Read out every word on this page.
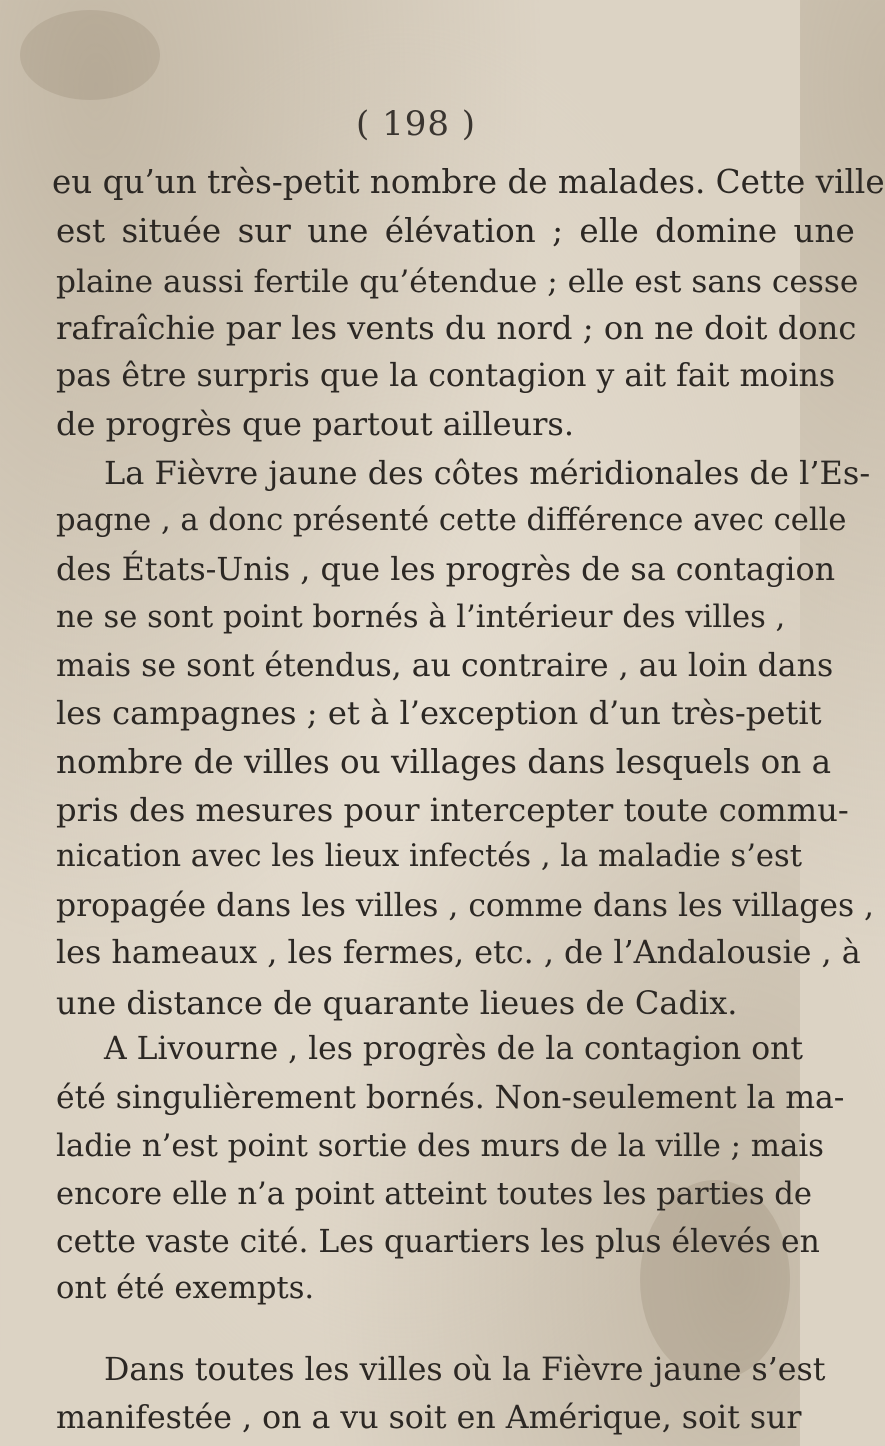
( 198 )
eu qu’un très-petit nombre de malades. Cette ville
est située sur une élévation ; elle domine une
plaine aussi fertile qu’étendue ; elle est sans cesse
rafraîchie par les vents du nord ; on ne doit donc
pas être surpris que la contagion y ait fait moins
de progrès que partout ailleurs.
La Fièvre jaune des côtes méridionales de l’Es-
pagne , a donc présenté cette différence avec celle
des États-Unis , que les progrès de sa contagion
ne se sont point bornés à l’intérieur des villes ,
mais se sont étendus, au contraire , au loin dans
les campagnes ; et à l’exception d’un très-petit
nombre de villes ou villages dans lesquels on a
pris des mesures pour intercepter toute commu-
nication avec les lieux infectés , la maladie s’est
propagée dans les villes , comme dans les villages ,
les hameaux , les fermes, etc. , de l’Andalousie , à
une distance de quarante lieues de Cadix.
A Livourne , les progrès de la contagion ont
été singulièrement bornés. Non-seulement la ma-
ladie n’est point sortie des murs de la ville ; mais
encore elle n’a point atteint toutes les parties de
cette vaste cité. Les quartiers les plus élevés en
ont été exempts.
Dans toutes les villes où la Fièvre jaune s’est
manifestée , on a vu soit en Amérique, soit sur
